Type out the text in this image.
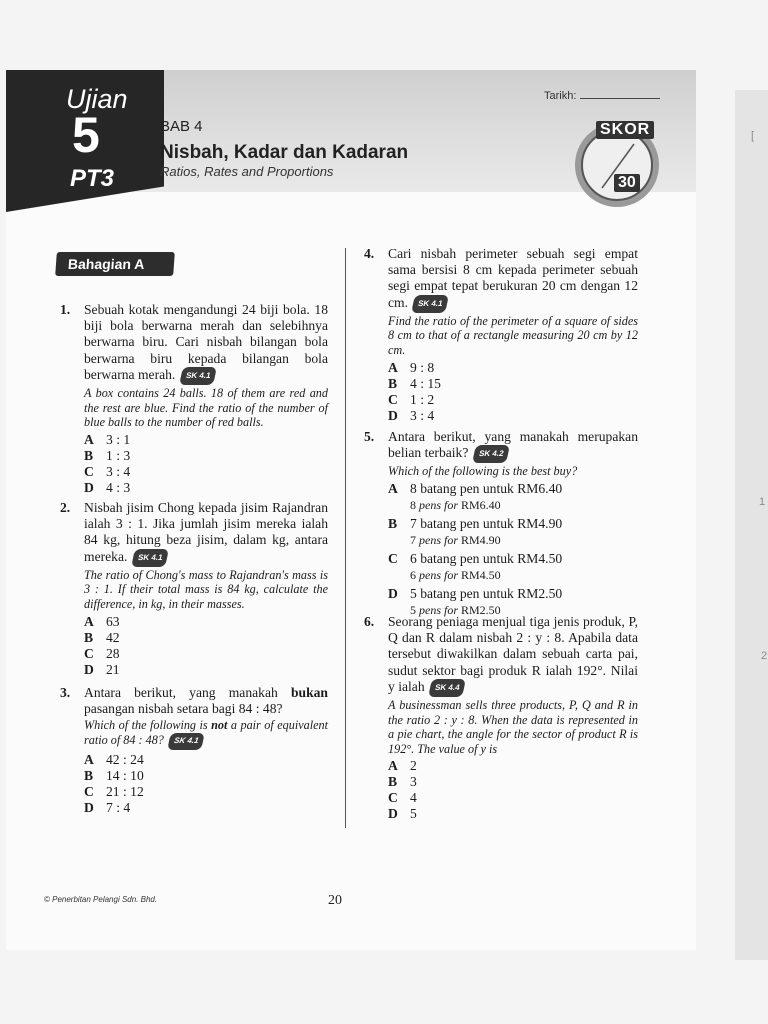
[
1
2
Ujian
5
PT3
BAB 4
Nisbah, Kadar dan Kadaran
Ratios, Rates and Proportions
Tarikh:
SKOR
30
Bahagian A
1. Sebuah kotak mengandungi 24 biji bola. 18 biji bola berwarna merah dan selebihnya berwarna biru. Cari nisbah bilangan bola berwarna biru kepada bilangan bola berwarna merah. SK 4.1
A box contains 24 balls. 18 of them are red and the rest are blue. Find the ratio of the number of blue balls to the number of red balls.
A 3 : 1
B 1 : 3
C 3 : 4
D 4 : 3
2. Nisbah jisim Chong kepada jisim Rajandran ialah 3 : 1. Jika jumlah jisim mereka ialah 84 kg, hitung beza jisim, dalam kg, antara mereka. SK 4.1
The ratio of Chong's mass to Rajandran's mass is 3 : 1. If their total mass is 84 kg, calculate the difference, in kg, in their masses.
A 63
B 42
C 28
D 21
3. Antara berikut, yang manakah bukan pasangan nisbah setara bagi 84 : 48?
Which of the following is not a pair of equivalent ratio of 84 : 48? SK 4.1
A 42 : 24
B 14 : 10
C 21 : 12
D 7 : 4
4. Cari nisbah perimeter sebuah segi empat sama bersisi 8 cm kepada perimeter sebuah segi empat tepat berukuran 20 cm dengan 12 cm. SK 4.1
Find the ratio of the perimeter of a square of sides 8 cm to that of a rectangle measuring 20 cm by 12 cm.
A 9 : 8
B 4 : 15
C 1 : 2
D 3 : 4
5. Antara berikut, yang manakah merupakan belian terbaik? SK 4.2
Which of the following is the best buy?
A 8 batang pen untuk RM6.40
8 pens for RM6.40
B 7 batang pen untuk RM4.90
7 pens for RM4.90
C 6 batang pen untuk RM4.50
6 pens for RM4.50
D 5 batang pen untuk RM2.50
5 pens for RM2.50
6. Seorang peniaga menjual tiga jenis produk, P, Q dan R dalam nisbah 2 : y : 8. Apabila data tersebut diwakilkan dalam sebuah carta pai, sudut sektor bagi produk R ialah 192°. Nilai y ialah SK 4.4
A businessman sells three products, P, Q and R in the ratio 2 : y : 8. When the data is represented in a pie chart, the angle for the sector of product R is 192°. The value of y is
A 2
B 3
C 4
D 5
© Penerbitan Pelangi Sdn. Bhd.	20
